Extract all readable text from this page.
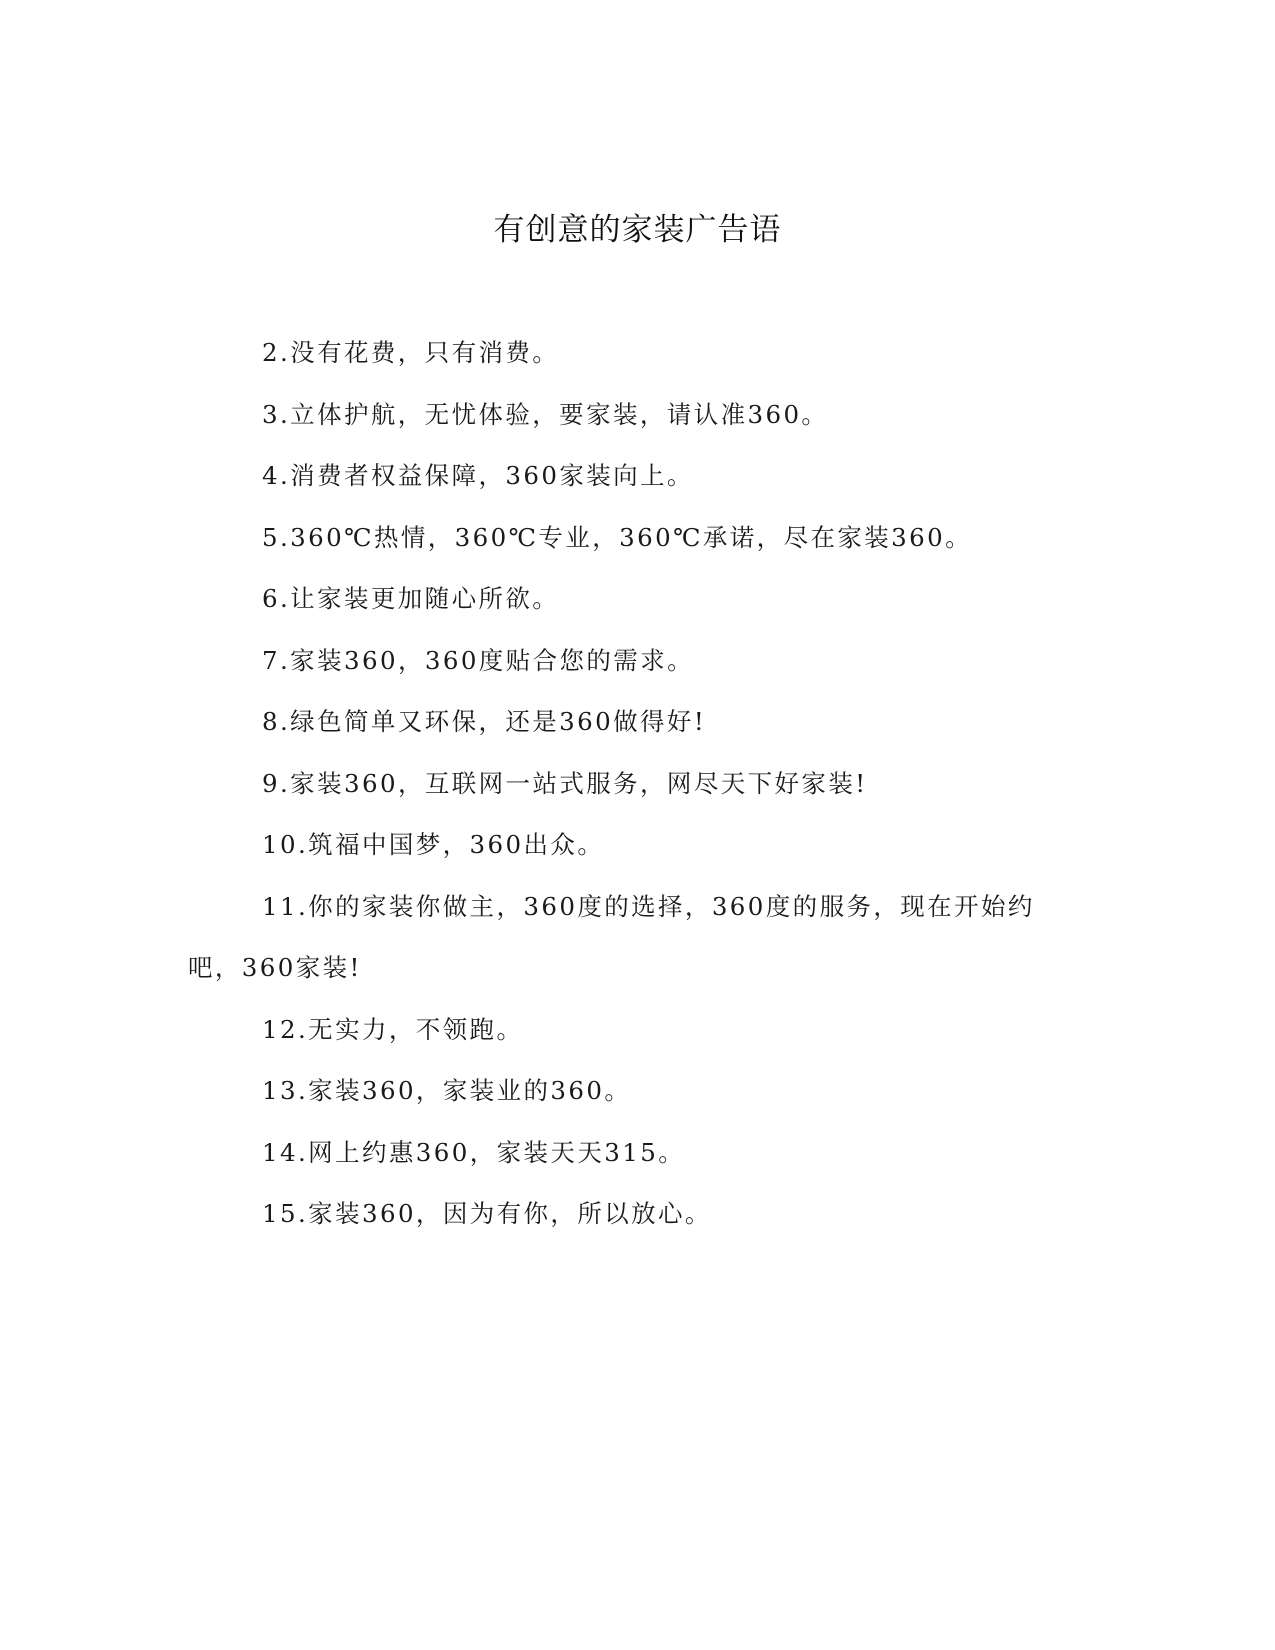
有创意的家装广告语

2.没有花费，只有消费。

3.立体护航，无忧体验，要家装，请认准360。

4.消费者权益保障，360家装向上。

5.360℃热情，360℃专业，360℃承诺，尽在家装360。

6.让家装更加随心所欲。

7.家装360，360度贴合您的需求。

8.绿色简单又环保，还是360做得好!

9.家装360，互联网一站式服务，网尽天下好家装!

10.筑福中国梦，360出众。

11.你的家装你做主，360度的选择，360度的服务，现在开始约吧，360家装!

12.无实力，不领跑。

13.家装360，家装业的360。

14.网上约惠360，家装天天315。

15.家装360，因为有你，所以放心。
